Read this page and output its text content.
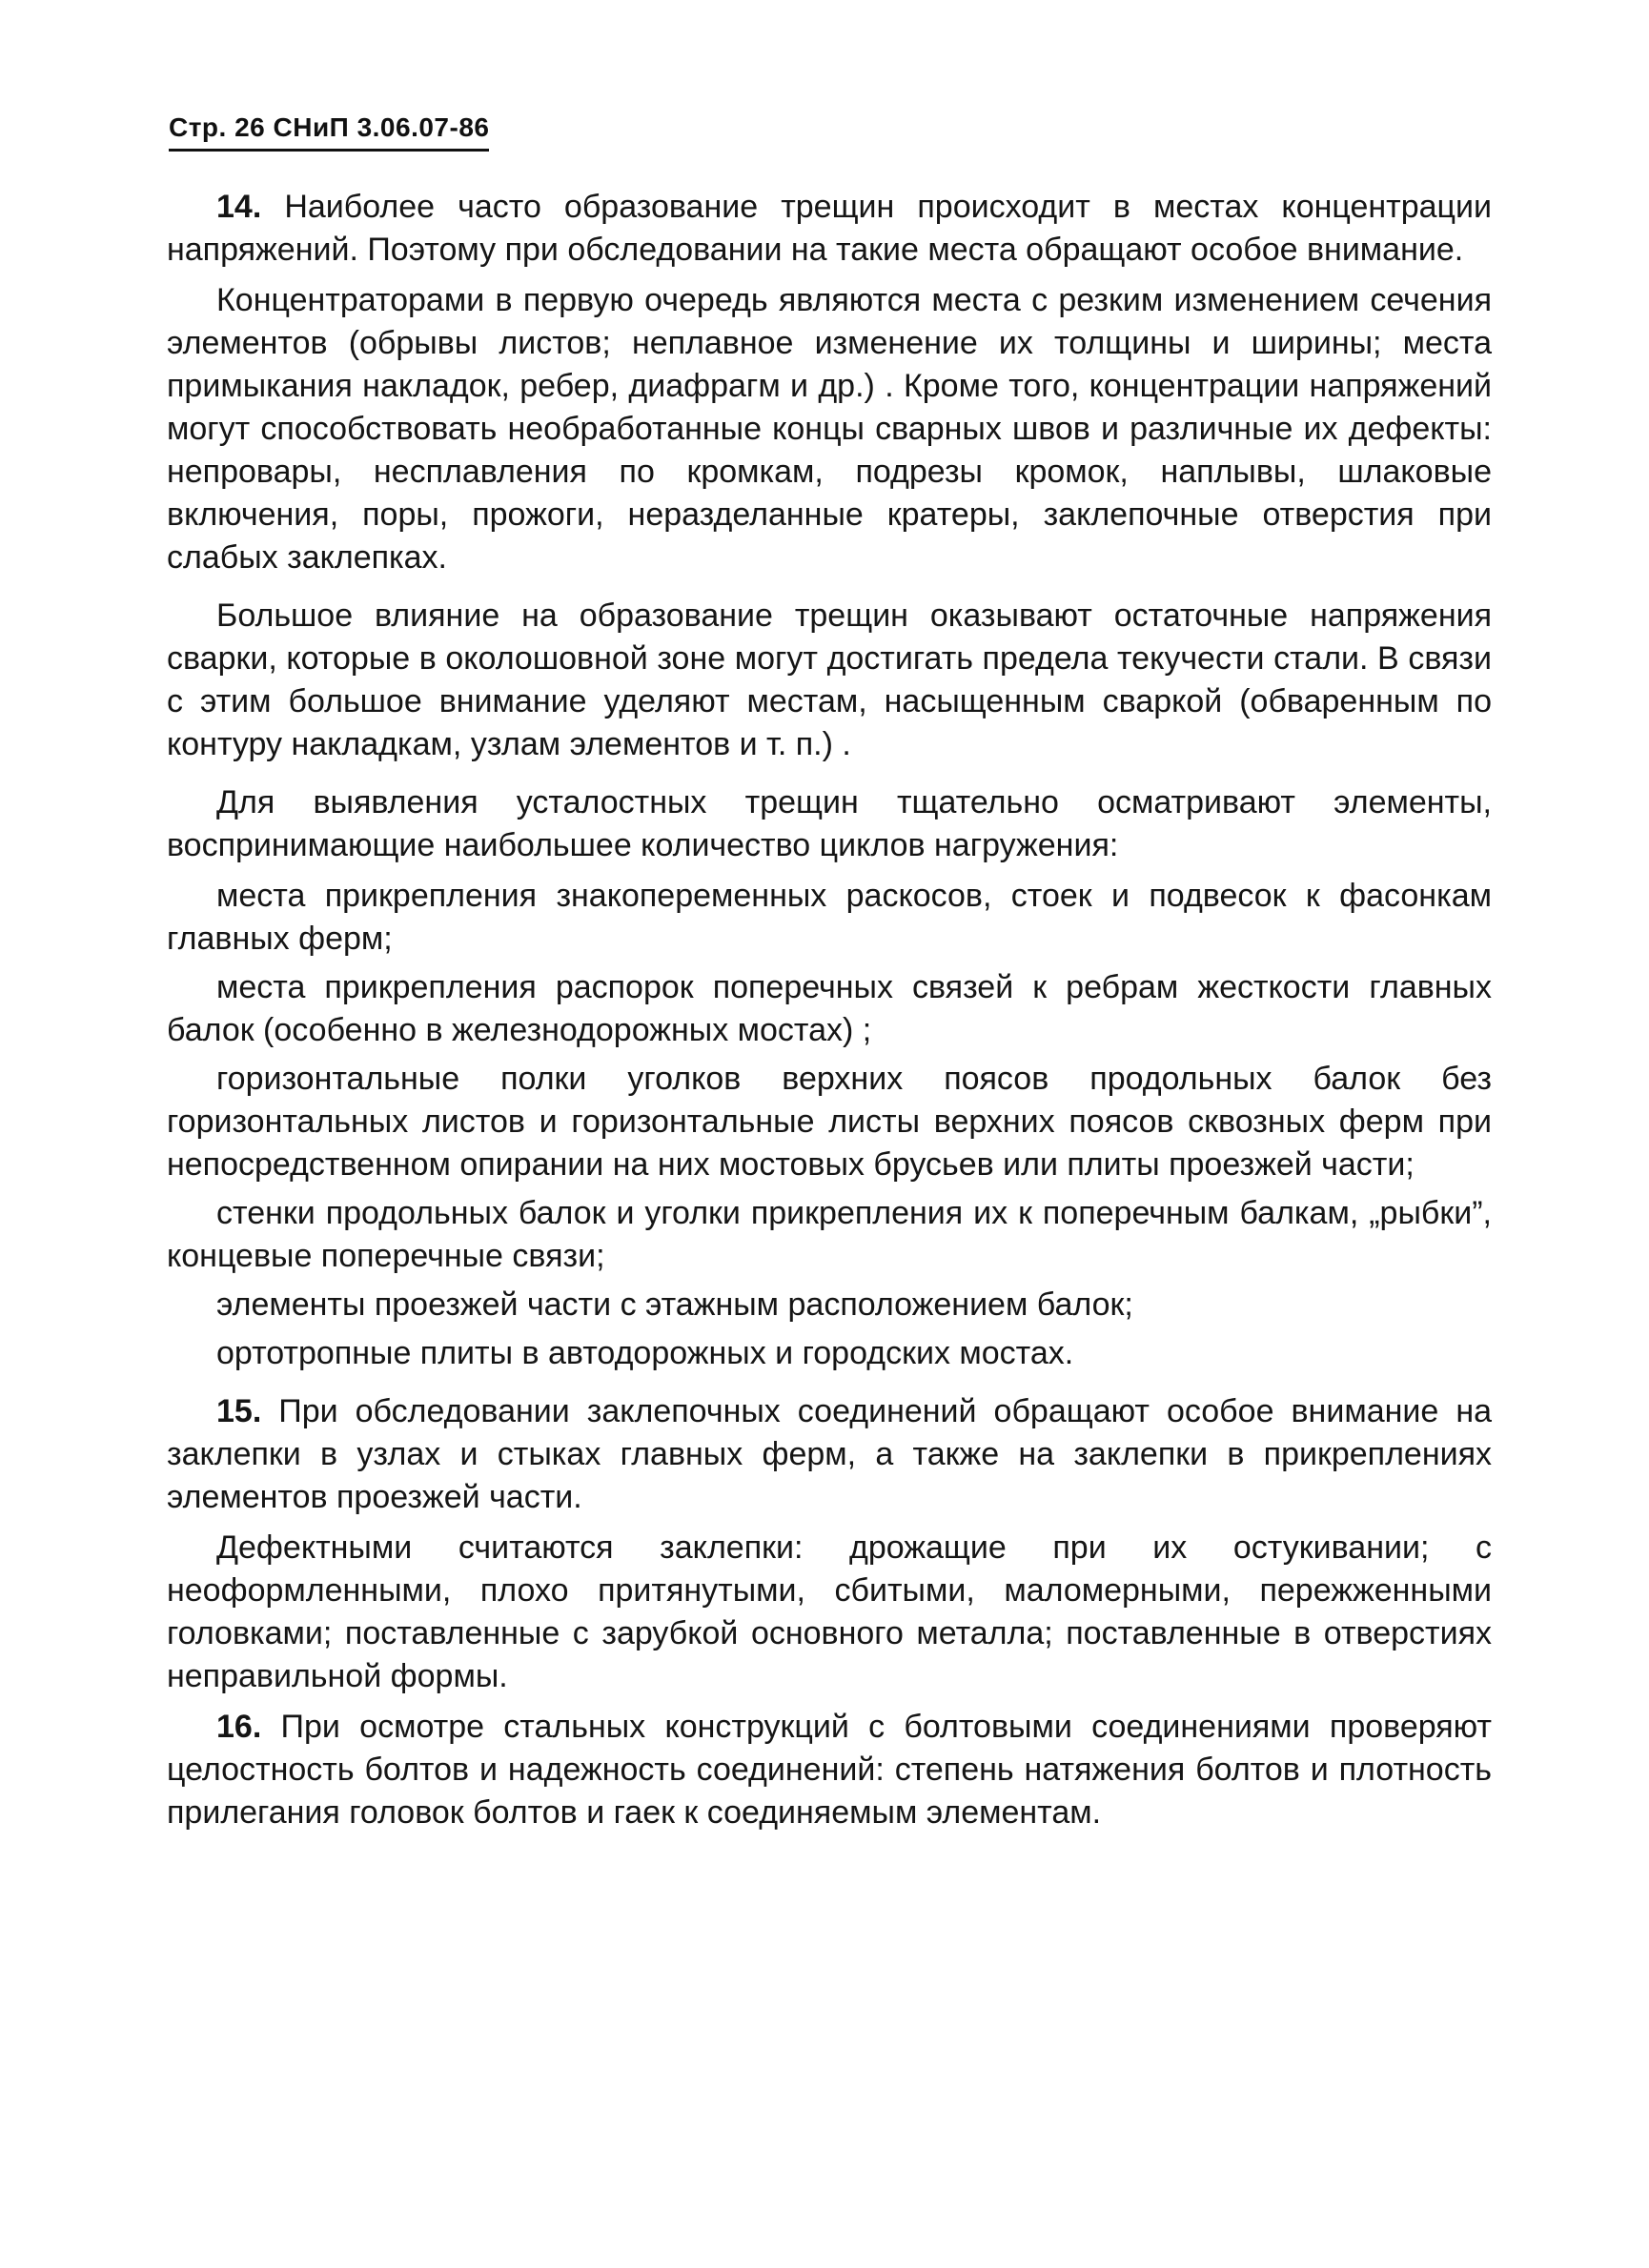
Стр. 26 СНиП 3.06.07-86

14. Наиболее часто образование трещин происходит в местах концентрации напряжений. Поэтому при обследовании на такие места обращают особое внимание.

Концентраторами в первую очередь являются места с резким изменением сечения элементов (обрывы листов; неплавное изменение их толщины и ширины; места примыкания накладок, ребер, диафрагм и др.) . Кроме того, концентрации напряжений могут способствовать необработанные концы сварных швов и различные их дефекты: непровары, несплавления по кромкам, подрезы кромок, наплывы, шлаковые включения, поры, прожоги, неразделанные кратеры, заклепочные отверстия при слабых заклепках.

Большое влияние на образование трещин оказывают остаточные напряжения сварки, которые в околошовной зоне могут достигать предела текучести стали. В связи с этим большое внимание уделяют местам, насыщенным сваркой (обваренным по контуру накладкам, узлам элементов и т. п.) .

Для выявления усталостных трещин тщательно осматривают элементы, воспринимающие наибольшее количество циклов нагружения:

места прикрепления знакопеременных раскосов, стоек и подвесок к фасонкам главных ферм;

места прикрепления распорок поперечных связей к ребрам жесткости главных балок (особенно в железнодорожных мостах) ;

горизонтальные полки уголков верхних поясов продольных балок без горизонтальных листов и горизонтальные листы верхних поясов сквозных ферм при непосредственном опирании на них мостовых брусьев или плиты проезжей части;

стенки продольных балок и уголки прикрепления их к поперечным балкам, „рыбки”, концевые поперечные связи;

элементы проезжей части с этажным расположением балок;

ортотропные плиты в автодорожных и городских мостах.

15. При обследовании заклепочных соединений обращают особое внимание на заклепки в узлах и стыках главных ферм, а также на заклепки в прикреплениях элементов проезжей части.

Дефектными считаются заклепки: дрожащие при их остукивании; с неоформленными, плохо притянутыми, сбитыми, маломерными, пережженными головками; поставленные с зарубкой основного металла; поставленные в отверстиях неправильной формы.

16. При осмотре стальных конструкций с болтовыми соединениями проверяют целостность болтов и надежность соединений: степень натяжения болтов и плотность прилегания головок болтов и гаек к соединяемым элементам.
